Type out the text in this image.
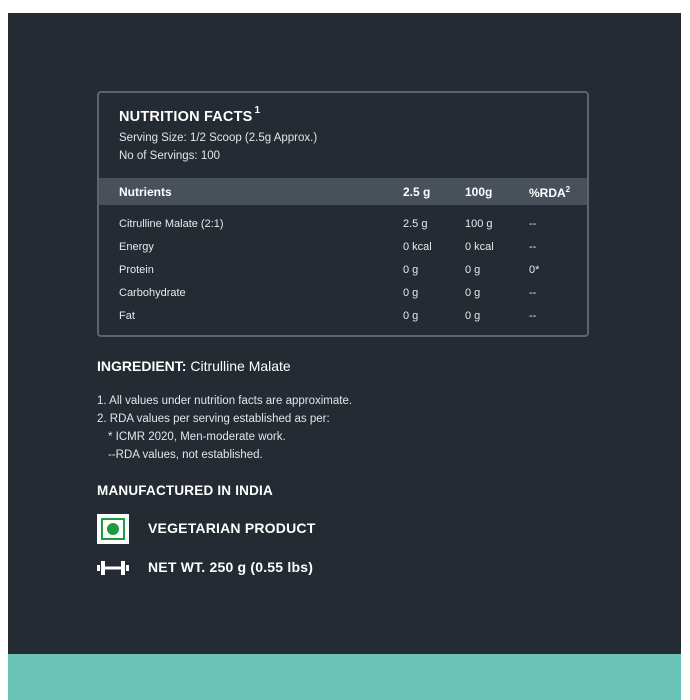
NUTRITION FACTS $^1$
Serving Size: 1/2 Scoop (2.5g Approx.)
No of Servings: 100
Nutrients	2.5 g	100g	%RDA$^2$
Citrulline Malate (2:1)	2.5 g	100 g	--
Energy	0 kcal	0 kcal	--
Protein	0 g	0 g	0*
Carbohydrate	0 g	0 g	--
Fat	0 g	0 g	--
INGREDIENT: Citrulline Malate
1. All values under nutrition facts are approximate.
2. RDA values per serving established as per:
* ICMR 2020, Men-moderate work.
--RDA values, not established.
MANUFACTURED IN INDIA
VEGETARIAN PRODUCT
NET WT. 250 g (0.55 lbs)
